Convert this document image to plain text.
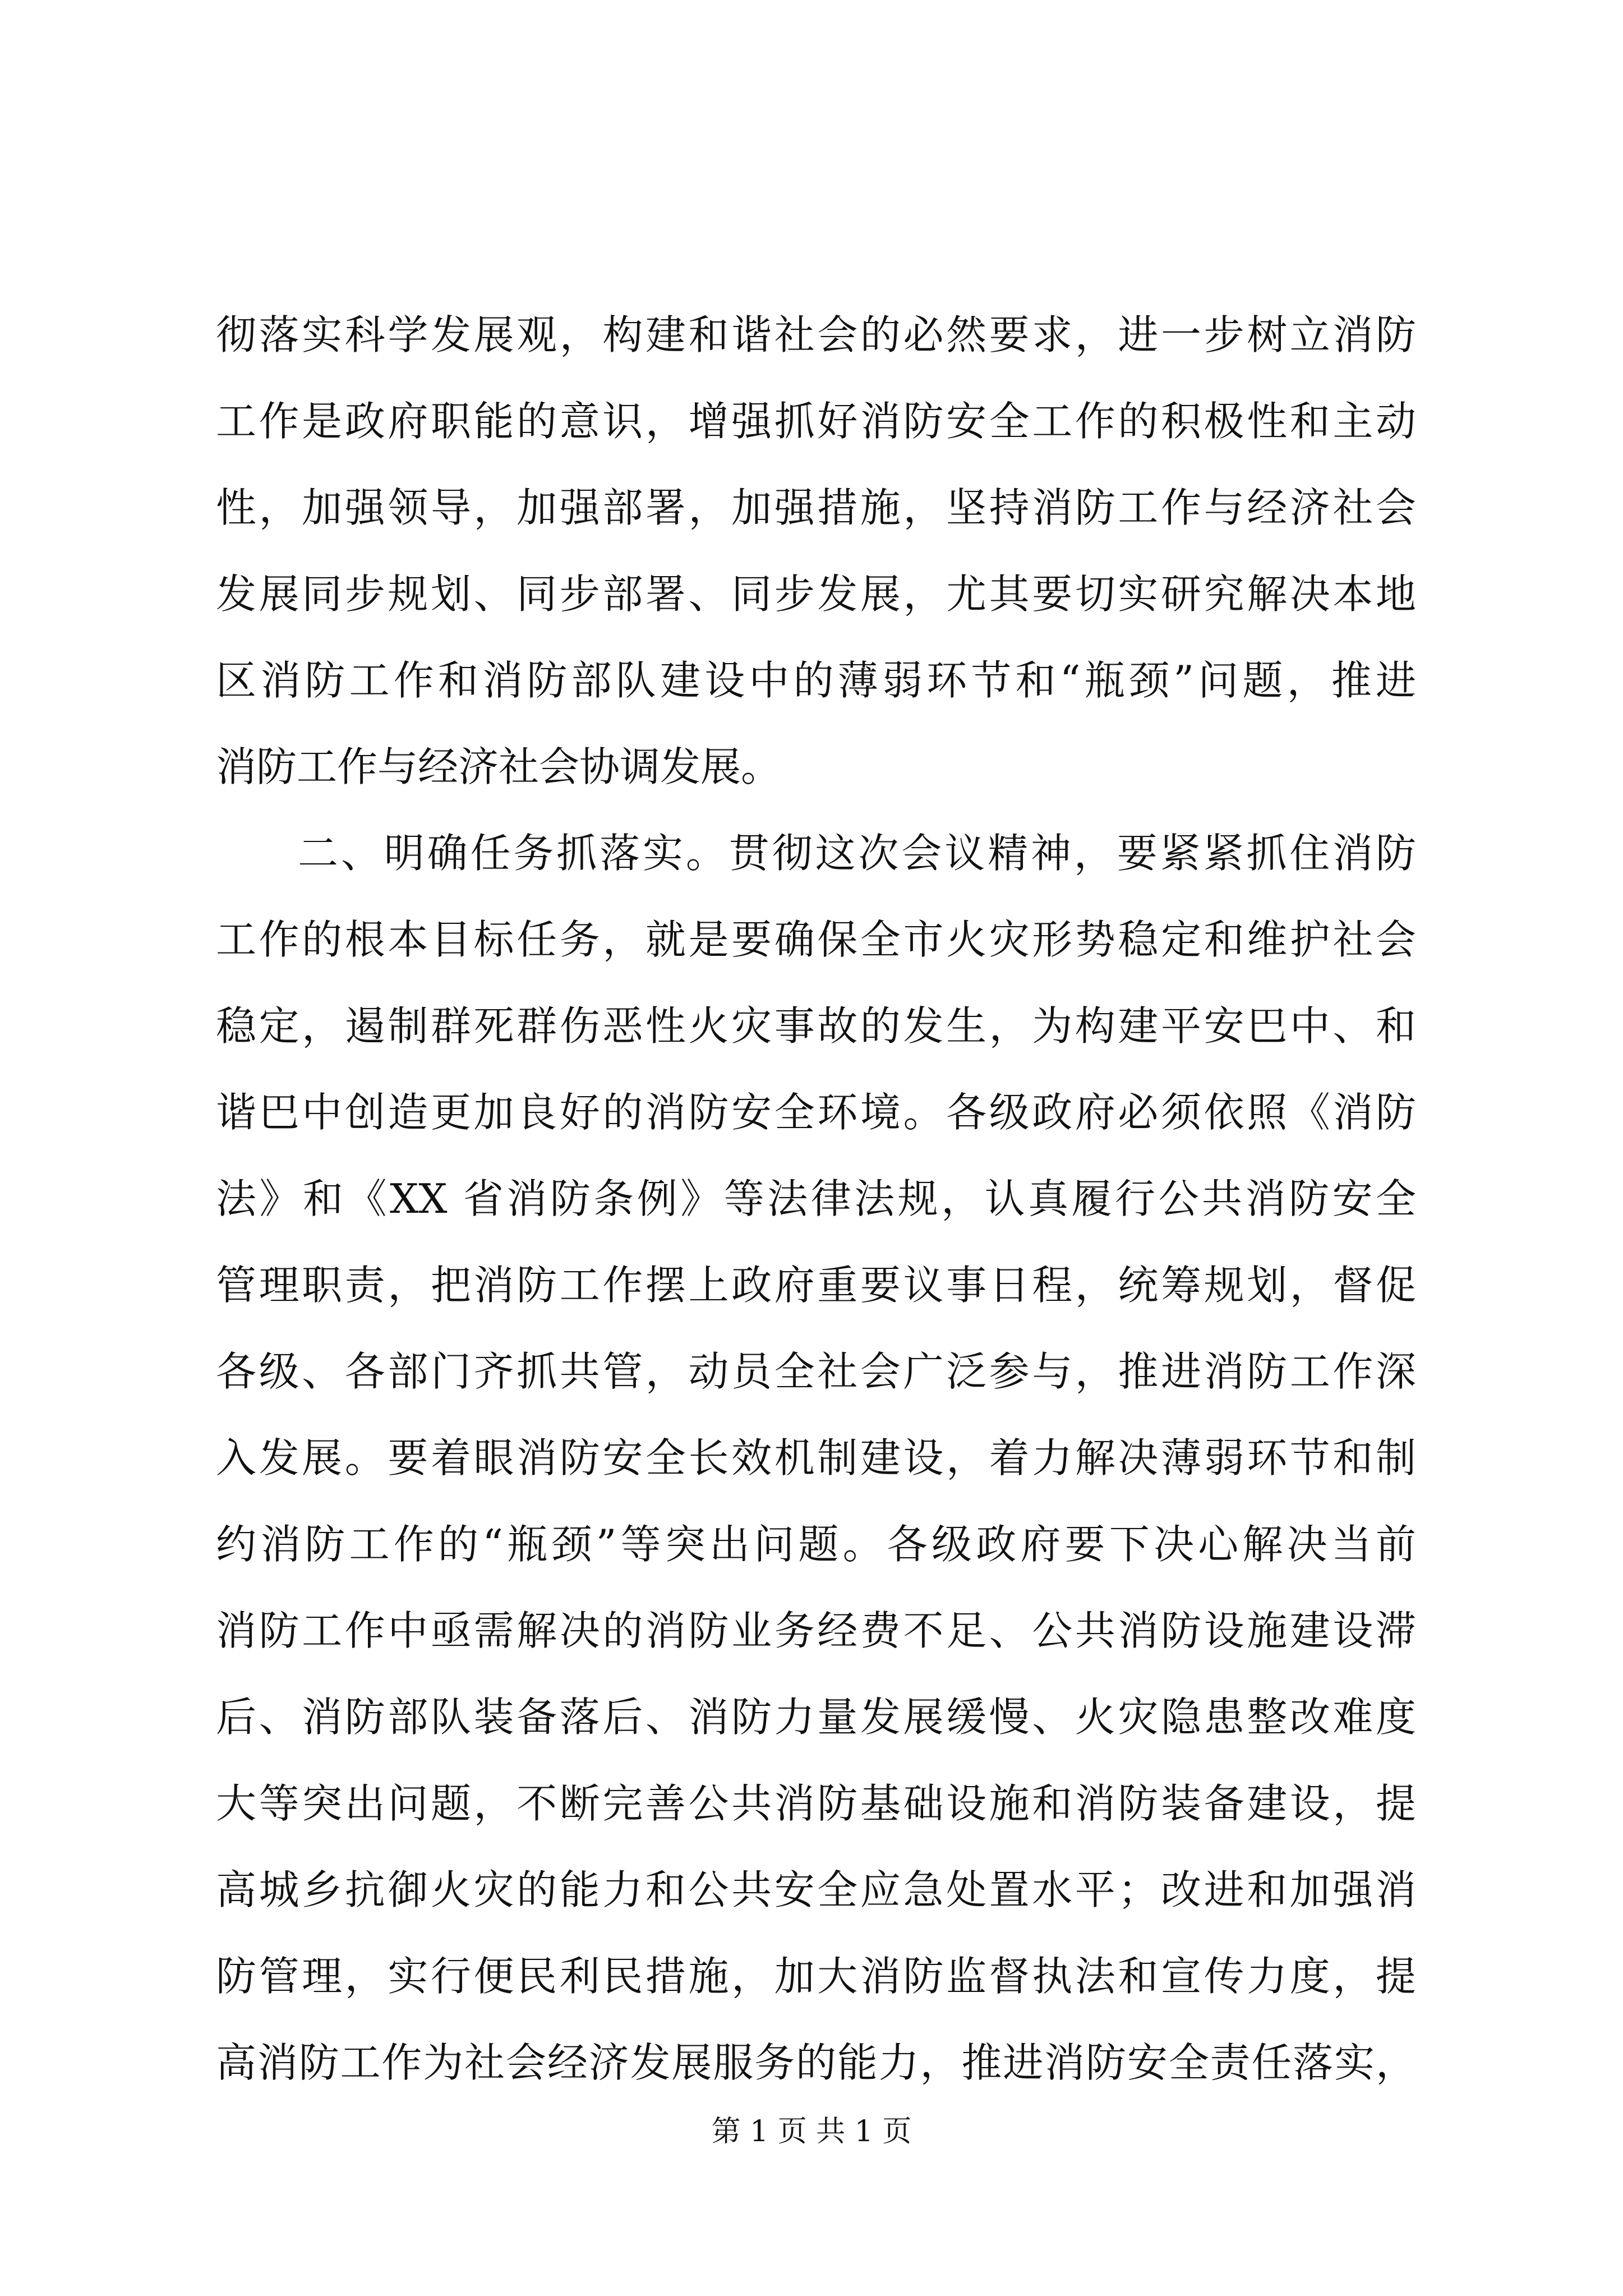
彻落实科学发展观，构建和谐社会的必然要求，进一步树立消防
工作是政府职能的意识，增强抓好消防安全工作的积极性和主动
性，加强领导，加强部署，加强措施，坚持消防工作与经济社会
发展同步规划、同步部署、同步发展，尤其要切实研究解决本地
区消防工作和消防部队建设中的薄弱环节和“瓶颈”问题，推进
消防工作与经济社会协调发展。
二、明确任务抓落实。贯彻这次会议精神，要紧紧抓住消防
工作的根本目标任务，就是要确保全市火灾形势稳定和维护社会
稳定，遏制群死群伤恶性火灾事故的发生，为构建平安巴中、和
谐巴中创造更加良好的消防安全环境。各级政府必须依照《消防
法》和《XX 省消防条例》等法律法规，认真履行公共消防安全
管理职责，把消防工作摆上政府重要议事日程，统筹规划，督促
各级、各部门齐抓共管，动员全社会广泛参与，推进消防工作深
入发展。要着眼消防安全长效机制建设，着力解决薄弱环节和制
约消防工作的“瓶颈”等突出问题。各级政府要下决心解决当前
消防工作中亟需解决的消防业务经费不足、公共消防设施建设滞
后、消防部队装备落后、消防力量发展缓慢、火灾隐患整改难度
大等突出问题，不断完善公共消防基础设施和消防装备建设，提
高城乡抗御火灾的能力和公共安全应急处置水平；改进和加强消
防管理，实行便民利民措施，加大消防监督执法和宣传力度，提
高消防工作为社会经济发展服务的能力，推进消防安全责任落实，
第 1 页 共 1 页
